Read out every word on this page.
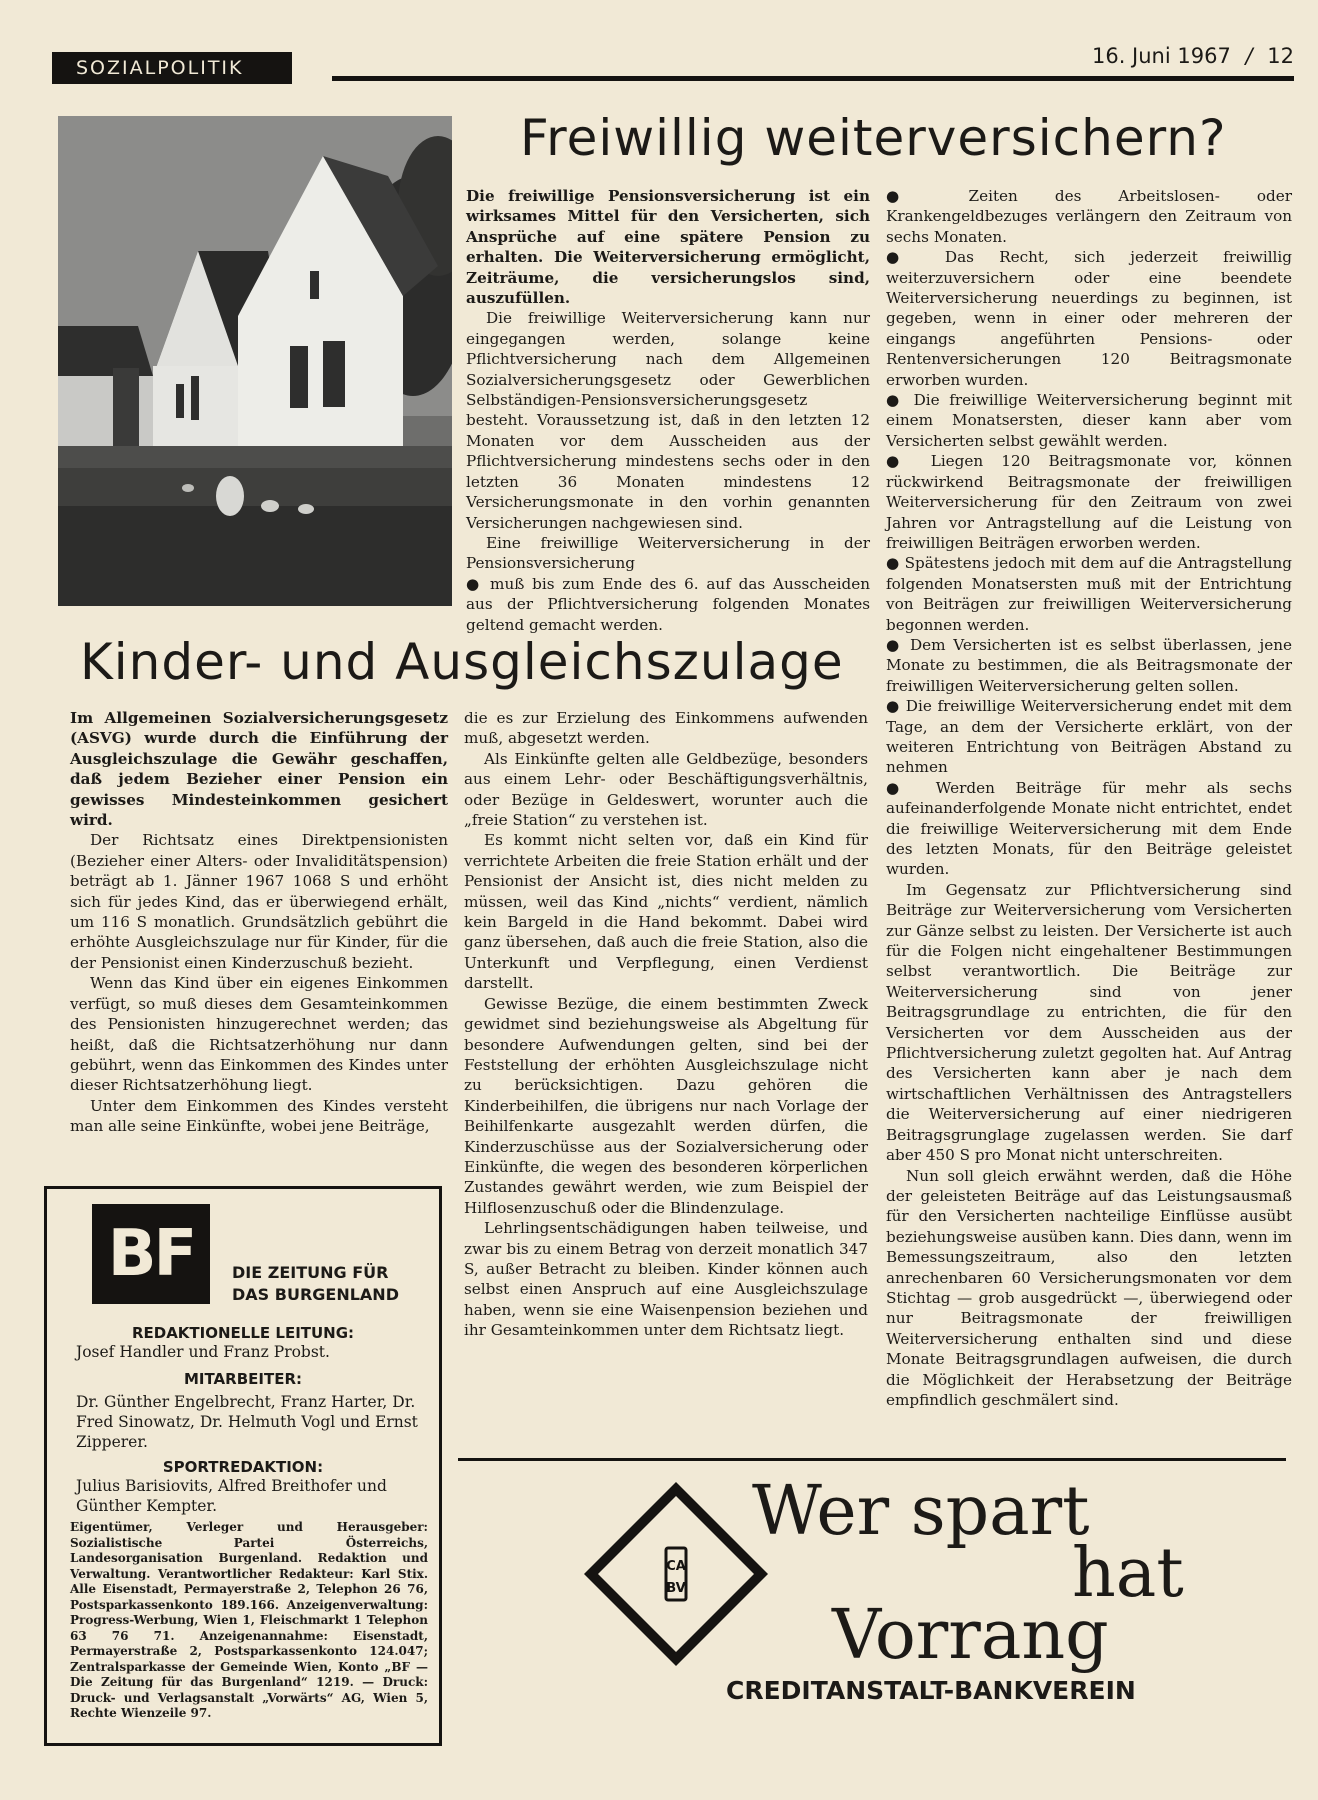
SOZIALPOLITIK	16. Juni 1967 / 12
Freiwillig weiterversichern?

Die freiwillige Pensionsversicherung ist ein wirksames Mittel für den Versicherten, sich Ansprüche auf eine spätere Pension zu erhalten. Die Weiterversicherung ermöglicht, Zeiträume, die versicherungslos sind, auszufüllen.

Die freiwillige Weiterversicherung kann nur eingegangen werden, solange keine Pflichtversicherung nach dem Allgemeinen Sozialversicherungsgesetz oder Gewerblichen Selbständigen-Pensionsversicherungsgesetz besteht. Voraussetzung ist, daß in den letzten 12 Monaten vor dem Ausscheiden aus der Pflichtversicherung mindestens sechs oder in den letzten 36 Monaten mindestens 12 Versicherungsmonate in den vorhin genannten Versicherungen nachgewiesen sind.

Eine freiwillige Weiterversicherung in der Pensionsversicherung

● muß bis zum Ende des 6. auf das Ausscheiden aus der Pflichtversicherung folgenden Monates geltend gemacht werden.

● Zeiten des Arbeitslosen- oder Krankengeldbezuges verlängern den Zeitraum von sechs Monaten.

● Das Recht, sich jederzeit freiwillig weiterzuversichern oder eine beendete Weiterversicherung neuerdings zu beginnen, ist gegeben, wenn in einer oder mehreren der eingangs angeführten Pensions- oder Rentenversicherungen 120 Beitragsmonate erworben wurden.

● Die freiwillige Weiterversicherung beginnt mit einem Monatsersten, dieser kann aber vom Versicherten selbst gewählt werden.

● Liegen 120 Beitragsmonate vor, können rückwirkend Beitragsmonate der freiwilligen Weiterversicherung für den Zeitraum von zwei Jahren vor Antragstellung auf die Leistung von freiwilligen Beiträgen erworben werden.

● Spätestens jedoch mit dem auf die Antragstellung folgenden Monatsersten muß mit der Entrichtung von Beiträgen zur freiwilligen Weiterversicherung begonnen werden.

● Dem Versicherten ist es selbst überlassen, jene Monate zu bestimmen, die als Beitragsmonate der freiwilligen Weiterversicherung gelten sollen.

● Die freiwillige Weiterversicherung endet mit dem Tage, an dem der Versicherte erklärt, von der weiteren Entrichtung von Beiträgen Abstand zu nehmen

● Werden Beiträge für mehr als sechs aufeinanderfolgende Monate nicht entrichtet, endet die freiwillige Weiterversicherung mit dem Ende des letzten Monats, für den Beiträge geleistet wurden.

Im Gegensatz zur Pflichtversicherung sind Beiträge zur Weiterversicherung vom Versicherten zur Gänze selbst zu leisten. Der Versicherte ist auch für die Folgen nicht eingehaltener Bestimmungen selbst verantwortlich. Die Beiträge zur Weiterversicherung sind von jener Beitragsgrundlage zu entrichten, die für den Versicherten vor dem Ausscheiden aus der Pflichtversicherung zuletzt gegolten hat. Auf Antrag des Versicherten kann aber je nach dem wirtschaftlichen Verhältnissen des Antragstellers die Weiterversicherung auf einer niedrigeren Beitragsgrunglage zugelassen werden. Sie darf aber 450 S pro Monat nicht unterschreiten.

Nun soll gleich erwähnt werden, daß die Höhe der geleisteten Beiträge auf das Leistungsausmaß für den Versicherten nachteilige Einflüsse ausübt beziehungsweise ausüben kann. Dies dann, wenn im Bemessungszeitraum, also den letzten anrechenbaren 60 Versicherungsmonaten vor dem Stichtag — grob ausgedrückt —, überwiegend oder nur Beitragsmonate der freiwilligen Weiterversicherung enthalten sind und diese Monate Beitragsgrundlagen aufweisen, die durch die Möglichkeit der Herabsetzung der Beiträge empfindlich geschmälert sind.

Kinder- und Ausgleichszulage

Im Allgemeinen Sozialversicherungsgesetz (ASVG) wurde durch die Einführung der Ausgleichszulage die Gewähr geschaffen, daß jedem Bezieher einer Pension ein gewisses Mindesteinkommen gesichert wird.

Der Richtsatz eines Direktpensionisten (Bezieher einer Alters- oder Invaliditätspension) beträgt ab 1. Jänner 1967 1068 S und erhöht sich für jedes Kind, das er überwiegend erhält, um 116 S monatlich. Grundsätzlich gebührt die erhöhte Ausgleichszulage nur für Kinder, für die der Pensionist einen Kinderzuschuß bezieht.

Wenn das Kind über ein eigenes Einkommen verfügt, so muß dieses dem Gesamteinkommen des Pensionisten hinzugerechnet werden; das heißt, daß die Richtsatzerhöhung nur dann gebührt, wenn das Einkommen des Kindes unter dieser Richtsatzerhöhung liegt.

Unter dem Einkommen des Kindes versteht man alle seine Einkünfte, wobei jene Beiträge,

die es zur Erzielung des Einkommens aufwenden muß, abgesetzt werden.

Als Einkünfte gelten alle Geldbezüge, besonders aus einem Lehr- oder Beschäftigungsverhältnis, oder Bezüge in Geldeswert, worunter auch die „freie Station“ zu verstehen ist.

Es kommt nicht selten vor, daß ein Kind für verrichtete Arbeiten die freie Station erhält und der Pensionist der Ansicht ist, dies nicht melden zu müssen, weil das Kind „nichts“ verdient, nämlich kein Bargeld in die Hand bekommt. Dabei wird ganz übersehen, daß auch die freie Station, also die Unterkunft und Verpflegung, einen Verdienst darstellt.

Gewisse Bezüge, die einem bestimmten Zweck gewidmet sind beziehungsweise als Abgeltung für besondere Aufwendungen gelten, sind bei der Feststellung der erhöhten Ausgleichszulage nicht zu berücksichtigen. Dazu gehören die Kinderbeihilfen, die übrigens nur nach Vorlage der Beihilfenkarte ausgezahlt werden dürfen, die Kinderzuschüsse aus der Sozialversicherung oder Einkünfte, die wegen des besonderen körperlichen Zustandes gewährt werden, wie zum Beispiel der Hilflosenzuschuß oder die Blindenzulage.

Lehrlingsentschädigungen haben teilweise, und zwar bis zu einem Betrag von derzeit monatlich 347 S, außer Betracht zu bleiben. Kinder können auch selbst einen Anspruch auf eine Ausgleichszulage haben, wenn sie eine Waisenpension beziehen und ihr Gesamteinkommen unter dem Richtsatz liegt.

BF	DIE ZEITUNG FÜR
DAS BURGENLAND
REDAKTIONELLE LEITUNG:
Josef Handler und Franz Probst.
MITARBEITER:
Dr. Günther Engelbrecht, Franz Harter, Dr. Fred Sinowatz, Dr. Helmuth Vogl und Ernst Zipperer.
SPORTREDAKTION:
Julius Barisiovits, Alfred Breithofer und Günther Kempter.
Eigentümer, Verleger und Herausgeber: Sozialistische Partei Österreichs, Landesorganisation Burgenland. Redaktion und Verwaltung. Verantwortlicher Redakteur: Karl Stix. Alle Eisenstadt, Permayerstraße 2, Telephon 26 76, Postsparkassenkonto 189.166. Anzeigenverwaltung: Progress-Werbung, Wien 1, Fleischmarkt 1 Telephon 63 76 71. Anzeigenannahme: Eisenstadt, Permayerstraße 2, Postsparkassenkonto 124.047; Zentralsparkasse der Gemeinde Wien, Konto „BF — Die Zeitung für das Burgenland“ 1219. — Druck: Druck- und Verlagsanstalt „Vorwärts“ AG, Wien 5, Rechte Wienzeile 97.
CA
BV
Wer spart
hat
Vorrang
CREDITANSTALT-BANKVEREIN
